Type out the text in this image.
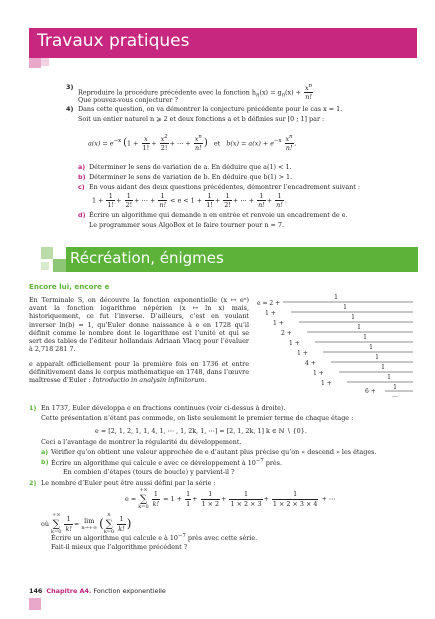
Travaux pratiques
3)
Reproduire la procédure précédente avec la fonction $h_n(x) = g_n(x) + \frac{x^n}{n!}$
Que pouvez-vous conjecturer ?
4) Dans cette question, on va démontrer la conjecture précédente pour le cas x = 1.
Soit un entier naturel n ⩾ 2 et deux fonctions a et b définies sur [0 ; 1] par :
$a(x) = e^{-x}$ ($1 + \frac{x}{1!} + \frac{x^2}{2!}$ + ⋯ + $\frac{x^n}{n!}$ ) et $b(x) = a(x) + e^{-x} \frac{x^n}{n!}$ .
a) Déterminer le sens de variation de a. En déduire que a(1) < 1.
b) Déterminer le sens de variation de b. En déduire que b(1) > 1.
c) En vous aidant des deux questions précédentes, démontrer l’encadrement suivant :
$1 + \frac{1}{1!} + \frac{1}{2!}$ + ⋯ + $\frac{1}{n!} < e < 1 + \frac{1}{1!} + \frac{1}{2!}$ + ⋯ + $\frac{1}{n!} + \frac{1}{n!}$ .
d) Écrire un algorithme qui demande n en entrée et renvoie un encadrement de e.
Le programmer sous AlgoBox et le faire tourner pour n = 7.
Récréation, énigmes
Encore lui, encore e
En Terminale S, on découvre la fonction exponentielle (x ↦ eˣ) avant la fonction logarithme népérien (x ↦ ln x) mais, historiquement, ce fut l’inverse. D’ailleurs, c’est en voulant inverser ln(b) = 1, qu’Euler donne naissance à e en 1728 qu’il définit comme le nombre dont le logarithme est l’unité et qui se sert des tables de l’éditeur hollandais Adriaan Vlacq pour l’évaluer à 2,718 281 7.
e apparaît officiellement pour la première fois en 1736 et entre définitivement dans le corpus mathématique en 1748, dans l’œuvre maîtresse d’Euler : Introductio in analysin infinitorum.
e = 2 +
1
1 +
1
1 +
1
2 +
1
1 +
1
1 +
1
4 +
1
1 +
1
1 +
1
6 +
1
…
1) En 1737, Euler développa e en fractions continues (voir ci-dessus à droite).
Cette présentation n’étant pas commode, on liste seulement le premier terme de chaque étage :
e = [2, 1, 2, 1, 1, 4, 1, ⋯ , 1, 2k, 1, ⋯] = [2, 1, 2k, 1] k ∈ ℕ ∖ {0}.
Ceci a l’avantage de montrer la régularité du développement.
a) Vérifier qu’on obtient une valeur approchée de e d’autant plus précise qu’on « descend » les étages.
b) Écrire un algorithme qui calcule e avec ce développement à $10^{-7}$ près.
En combien d’étapes (tours de boucle) y parvient-il ?
2) Le nombre d’Euler peut être aussi défini par la série :
e =
+∞
∑
k=0
$\frac{1}{k!} = 1 + \frac{1}{1} + \frac{1}{1 \times 2} + \frac{1}{1 \times 2 \times 3} + \frac{1}{1 \times 2 \times 3 \times 4}$ + ⋯
où
+∞
∑
k=0
$\frac{1}{k!} = \lim$
n→+∞ (
n
∑
k=0
$\frac{1}{k!}$ )
Écrire un algorithme qui calcule e à $10^{-7}$ près avec cette série.
Fait-il mieux que l’algorithme précédent ?
146 Chapitre A4. Fonction exponentielle
